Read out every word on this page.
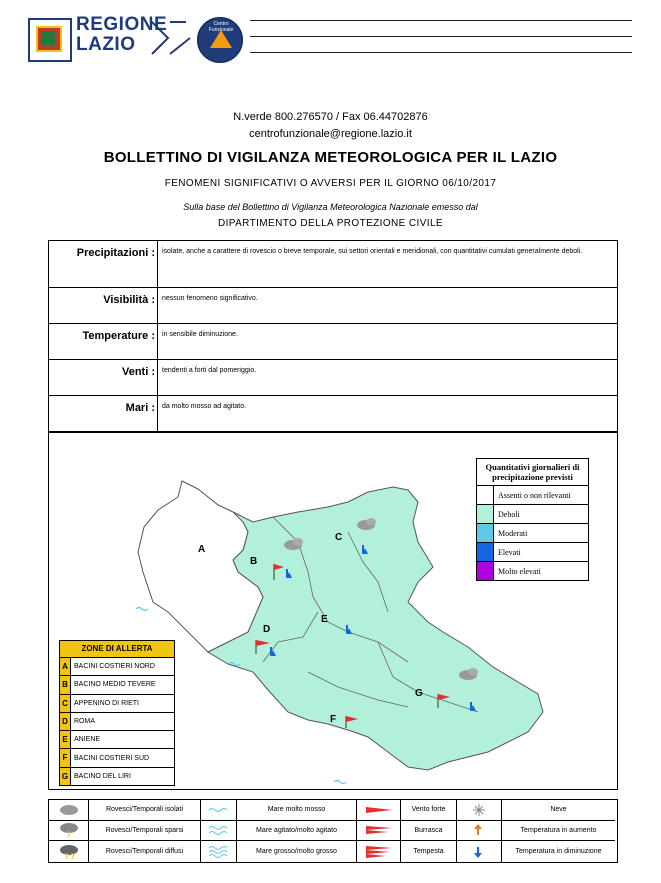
REGIONE
LAZIO
Centro Funzionale
N.verde 800.276570 / Fax 06.44702876
centrofunzionale@regione.lazio.it
BOLLETTINO DI VIGILANZA METEOROLOGICA PER IL LAZIO
FENOMENI SIGNIFICATIVI O AVVERSI PER IL GIORNO 06/10/2017
Sulla base del Bollettino di Vigilanza Meteorologica Nazionale emesso dal
DIPARTIMENTO DELLA PROTEZIONE CIVILE
Precipitazioni :	isolate, anche a carattere di rovescio o breve temporale, sui settori orientali e meridionali, con quantitativi cumulati generalmente deboli.
Visibilità :	nessun fenomeno significativo.
Temperature :	in sensibile diminuzione.
Venti :	tendenti a forti dal pomeriggio.
Mari :	da molto mosso ad agitato.
A
B
C
D
E
F
G
Quantitativi giornalieri di precipitazione previsti
Assenti o non rilevanti
Deboli
Moderati
Elevati
Molto elevati
ZONE DI ALLERTA
A BACINI COSTIERI NORD
B BACINO MEDIO TEVERE
C APPENINO DI RIETI
D ROMA
E ANIENE
F BACINI COSTIERI SUD
G BACINO DEL LIRI
Rovesci/Temporali isolati	Mare molto mosso	Vento forte	Neve
Rovesci/Temporali sparsi	Mare agitato/molto agitato	Burrasca	Temperatura in aumento
Rovesci/Temporali diffusi	Mare grosso/molto grosso	Tempesta	Temperatura in diminuzione
